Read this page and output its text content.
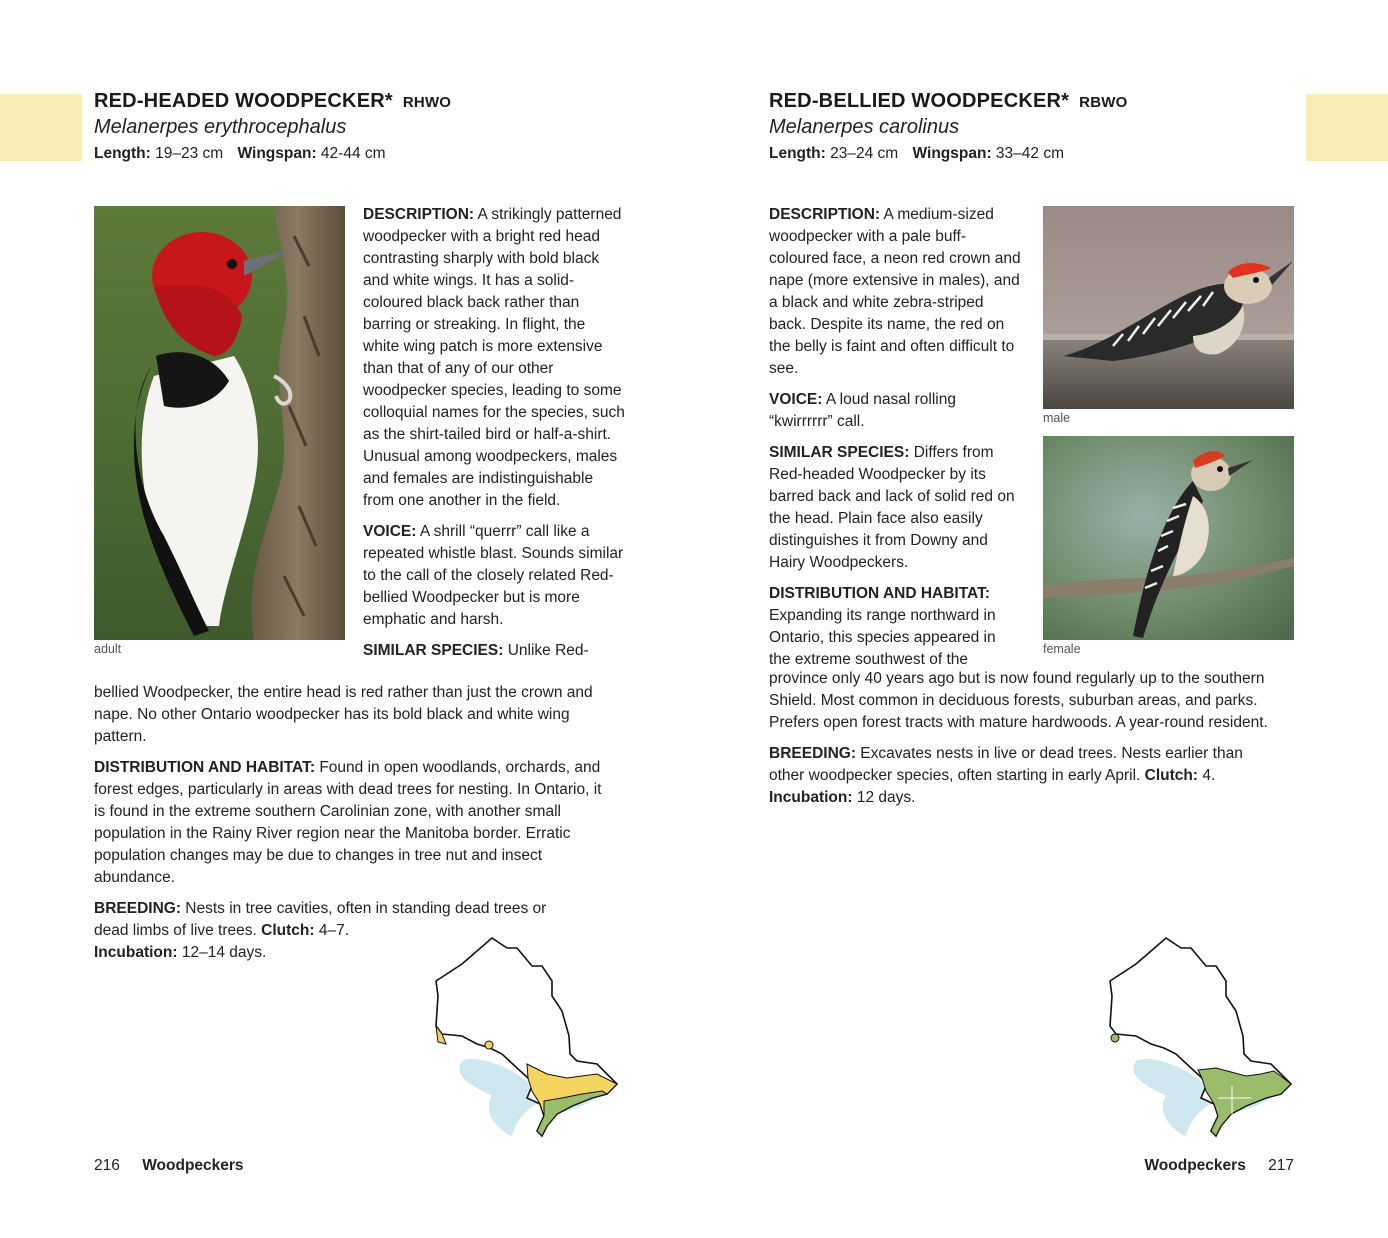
RED-HEADED WOODPECKER* RHWO
Melanerpes erythrocephalus
Length: 19–23 cm Wingspan: 42-44 cm
adult

DESCRIPTION: A strikingly patterned woodpecker with a bright red head contrasting sharply with bold black and white wings. It has a solid-coloured black back rather than barring or streaking. In flight, the white wing patch is more extensive than that of any of our other woodpecker species, leading to some colloquial names for the species, such as the shirt-tailed bird or half-a-shirt. Unusual among woodpeckers, males and females are indistinguishable from one another in the field.

VOICE: A shrill “querrr” call like a repeated whistle blast. Sounds similar to the call of the closely related Red-bellied Woodpecker but is more emphatic and harsh.

SIMILAR SPECIES: Unlike Red-

bellied Woodpecker, the entire head is red rather than just the crown and nape. No other Ontario woodpecker has its bold black and white wing pattern.

DISTRIBUTION AND HABITAT: Found in open woodlands, orchards, and forest edges, particularly in areas with dead trees for nesting. In Ontario, it is found in the extreme southern Carolinian zone, with another small population in the Rainy River region near the Manitoba border. Erratic population changes may be due to changes in tree nut and insect abundance.

BREEDING: Nests in tree cavities, often in standing dead trees or dead limbs of live trees. Clutch: 4–7.
Incubation: 12–14 days.

216 Woodpeckers
RED-BELLIED WOODPECKER* RBWO
Melanerpes carolinus
Length: 23–24 cm Wingspan: 33–42 cm

DESCRIPTION: A medium-sized woodpecker with a pale buff-coloured face, a neon red crown and nape (more extensive in males), and a black and white zebra-striped back. Despite its name, the red on the belly is faint and often difficult to see.

VOICE: A loud nasal rolling “kwirrrrrr” call.

SIMILAR SPECIES: Differs from Red-headed Woodpecker by its barred back and lack of solid red on the head. Plain face also easily distinguishes it from Downy and Hairy Woodpeckers.

DISTRIBUTION AND HABITAT:

Expanding its range northward in Ontario, this species appeared in the extreme southwest of the

male
female

province only 40 years ago but is now found regularly up to the southern Shield. Most common in deciduous forests, suburban areas, and parks. Prefers open forest tracts with mature hardwoods. A year-round resident.

BREEDING: Excavates nests in live or dead trees. Nests earlier than other woodpecker species, often starting in early April. Clutch: 4.
Incubation: 12 days.

Woodpeckers 217
